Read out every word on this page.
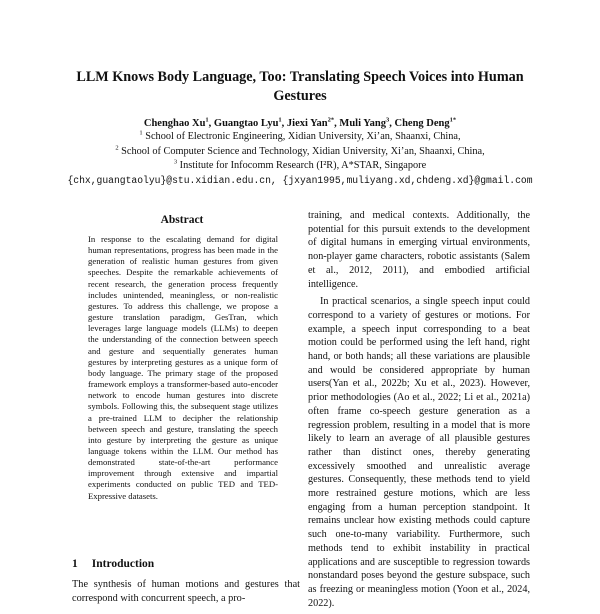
LLM Knows Body Language, Too: Translating Speech Voices into Human Gestures
Chenghao Xu$^1$, Guangtao Lyu$^1$, Jiexi Yan$^{2*}$, Muli Yang$^3$, Cheng Deng$^{1*}$
$^1$ School of Electronic Engineering, Xidian University, Xi’an, Shaanxi, China,
$^2$ School of Computer Science and Technology, Xidian University, Xi’an, Shaanxi, China,
$^3$ Institute for Infocomm Research (I²R), A*STAR, Singapore
{chx,guangtaolyu}@stu.xidian.edu.cn, {jxyan1995,muliyang.xd,chdeng.xd}@gmail.com
Abstract
In response to the escalating demand for digital human representations, progress has been made in the generation of realistic human gestures from given speeches. Despite the remarkable achievements of recent research, the generation process frequently includes unintended, meaningless, or non-realistic gestures. To address this challenge, we propose a gesture translation paradigm, GesTran, which leverages large language models (LLMs) to deepen the understanding of the connection between speech and gesture and sequentially generates human gestures by interpreting gestures as a unique form of body language. The primary stage of the proposed framework employs a transformer-based auto-encoder network to encode human gestures into discrete symbols. Following this, the subsequent stage utilizes a pre-trained LLM to decipher the relationship between speech and gesture, translating the speech into gesture by interpreting the gesture as unique language tokens within the LLM. Our method has demonstrated state-of-the-art performance improvement through extensive and impartial experiments conducted on public TED and TED-Expressive datasets.
1 Introduction
The synthesis of human motions and gestures that correspond with concurrent speech, a pro-

training, and medical contexts. Additionally, the potential for this pursuit extends to the development of digital humans in emerging virtual environments, non-player game characters, robotic assistants (Salem et al., 2012, 2011), and embodied artificial intelligence.

In practical scenarios, a single speech input could correspond to a variety of gestures or motions. For example, a speech input corresponding to a beat motion could be performed using the left hand, right hand, or both hands; all these variations are plausible and would be considered appropriate by human users(Yan et al., 2022b; Xu et al., 2023). However, prior methodologies (Ao et al., 2022; Li et al., 2021a) often frame co-speech gesture generation as a regression problem, resulting in a model that is more likely to learn an average of all plausible gestures rather than distinct ones, thereby generating excessively smoothed and unrealistic average gestures. Consequently, these methods tend to yield more restrained gesture motions, which are less engaging from a human perception standpoint. It remains unclear how existing methods could capture such one-to-many variability. Furthermore, such methods tend to exhibit instability in practical applications and are susceptible to regression towards nonstandard poses beyond the gesture subspace, such as freezing or meaningless motion (Yoon et al., 2024, 2022).
